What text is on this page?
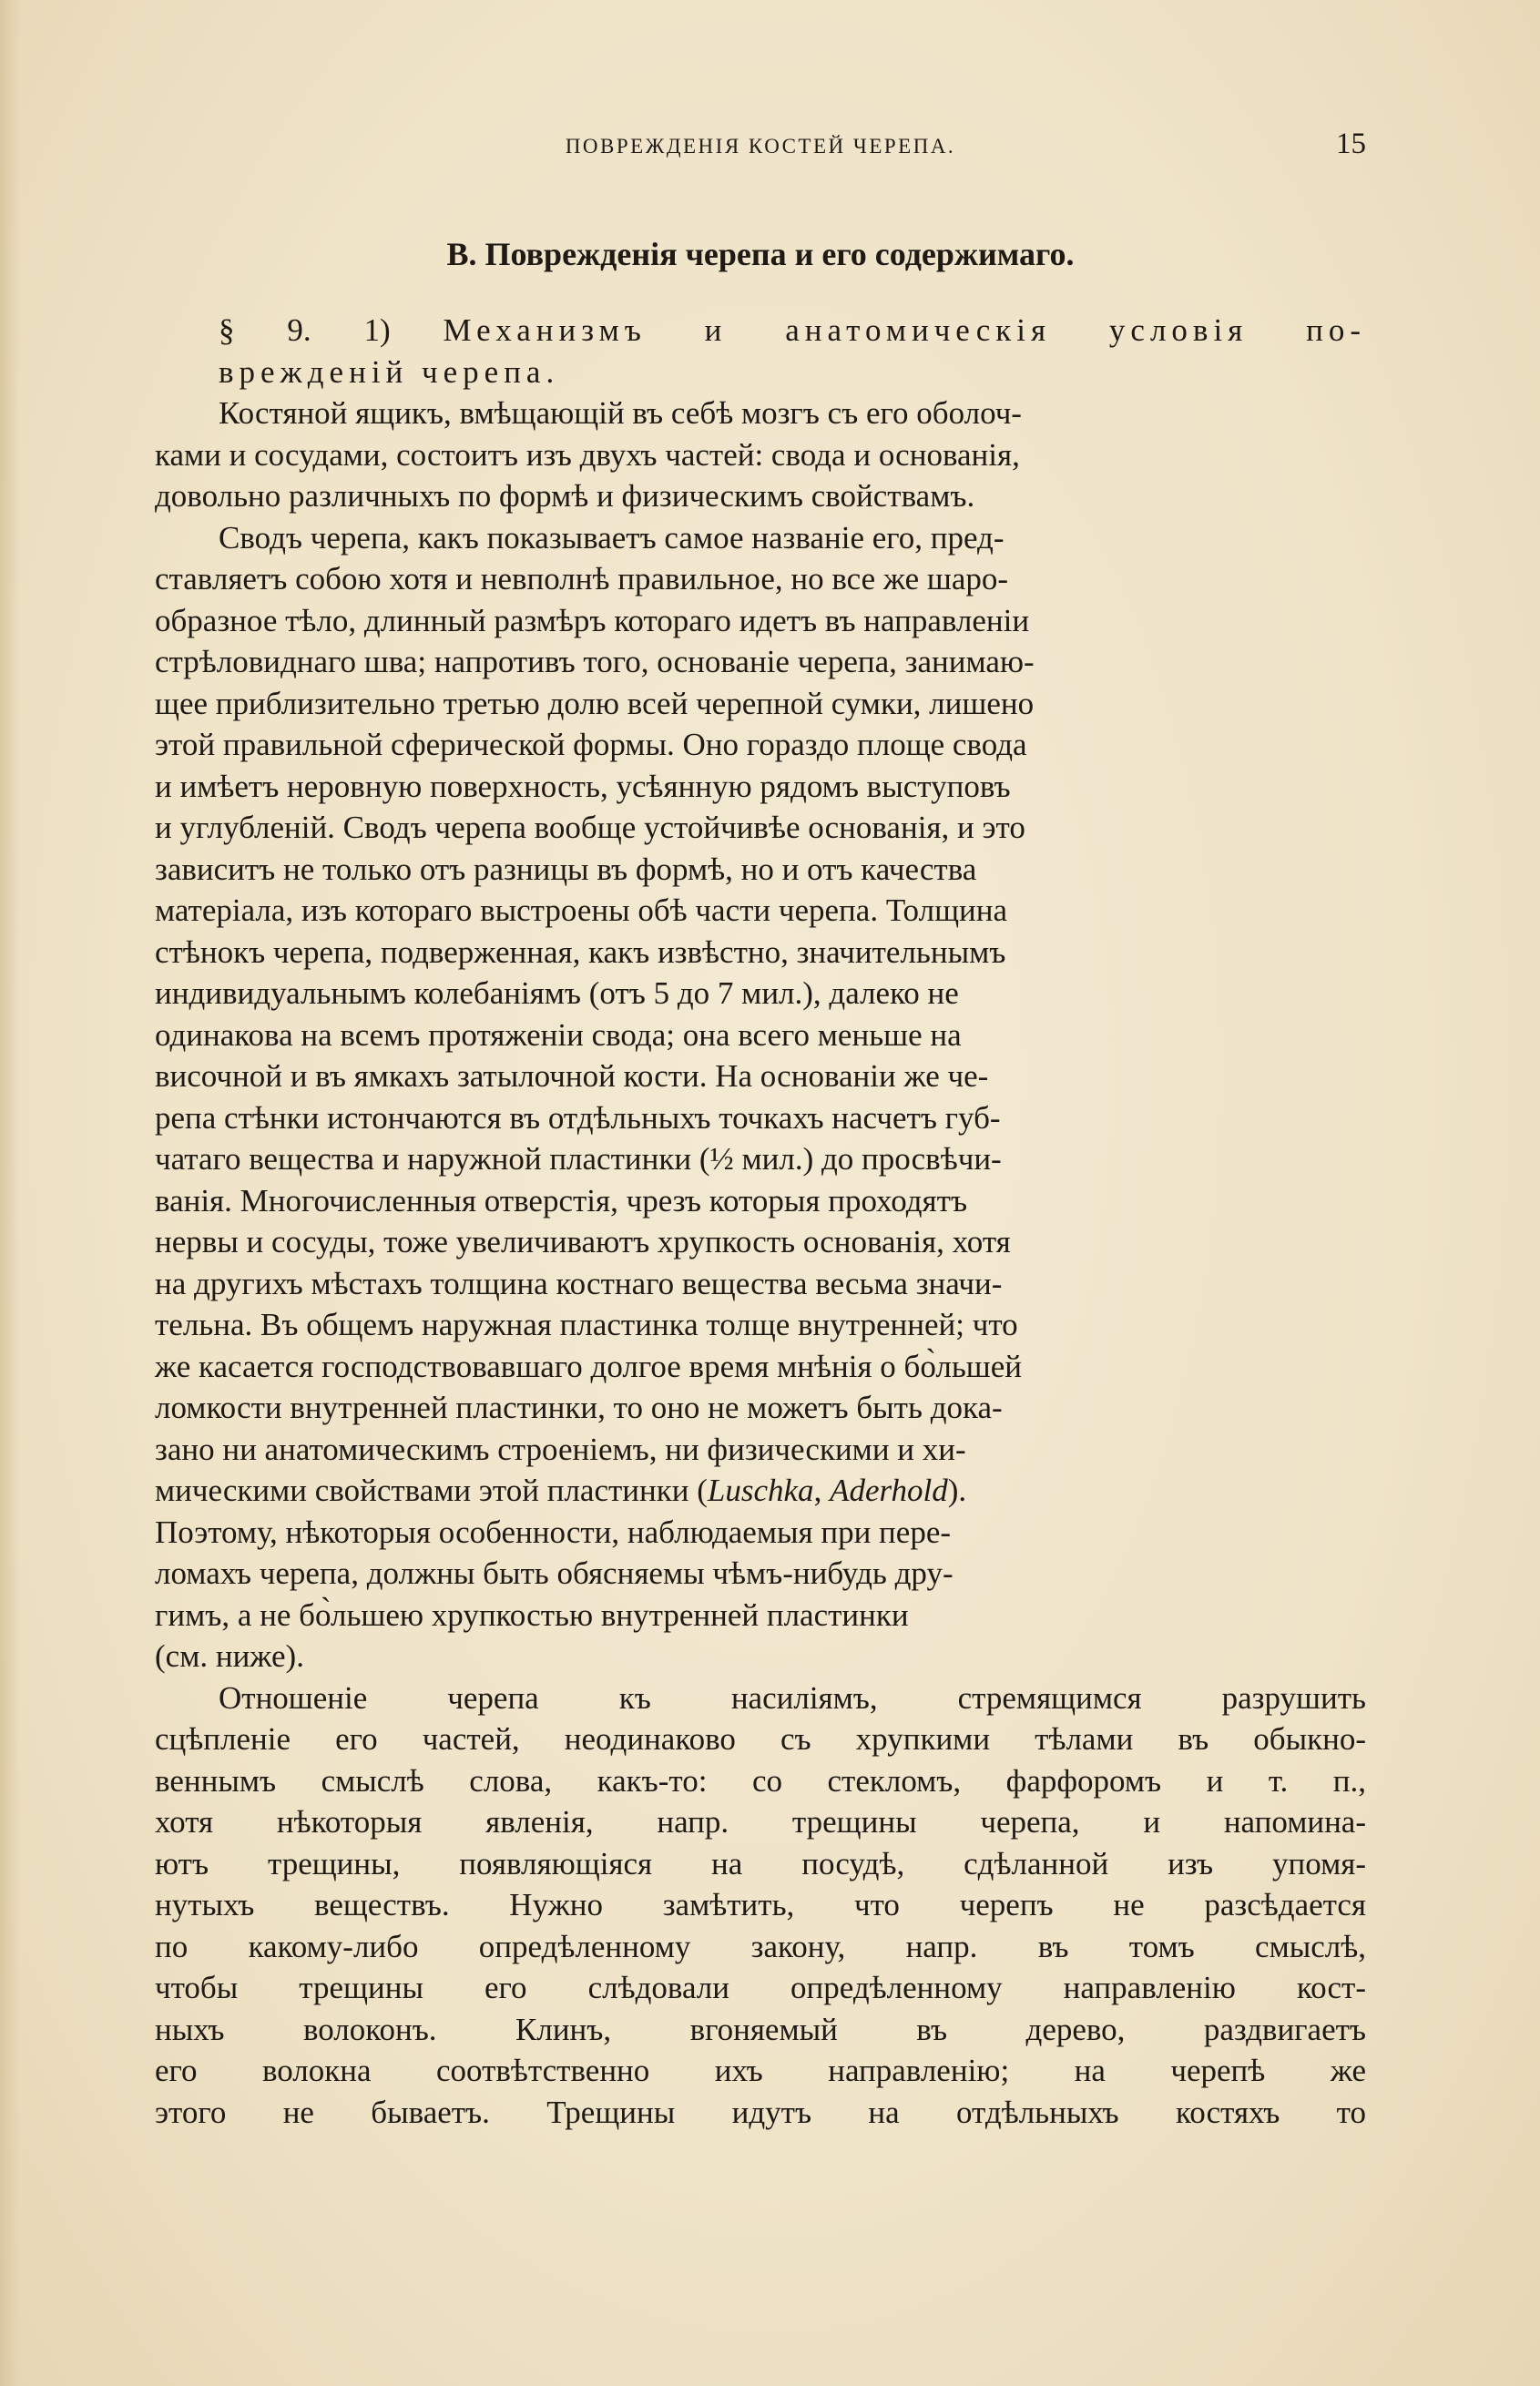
ПОВРЕЖДЕНІЯ КОСТЕЙ ЧЕРЕПА.	15
В. Поврежденія черепа и его содержимаго.

§ 9. 1) Механизмъ и анатомическія условія по-
врежденій черепа.

Костяной ящикъ, вмѣщающій въ себѣ мозгъ съ его оболоч-
ками и сосудами, состоитъ изъ двухъ частей: свода и основанія,
довольно различныхъ по формѣ и физическимъ свойствамъ.

Сводъ черепа, какъ показываетъ самое названіе его, пред-
ставляетъ собою хотя и невполнѣ правильное, но все же шаро-
образное тѣло, длинный размѣръ котораго идетъ въ направленіи
стрѣловиднаго шва; напротивъ того, основаніе черепа, занимаю-
щее приблизительно третью долю всей черепной сумки, лишено
этой правильной сферической формы. Оно гораздо площе свода
и имѣетъ неровную поверхность, усѣянную рядомъ выступовъ
и углубленій. Сводъ черепа вообще устойчивѣе основанія, и это
зависитъ не только отъ разницы въ формѣ, но и отъ качества
матеріала, изъ котораго выстроены обѣ части черепа. Толщина
стѣнокъ черепа, подверженная, какъ извѣстно, значительнымъ
индивидуальнымъ колебаніямъ (отъ 5 до 7 мил.), далеко не
одинакова на всемъ протяженіи свода; она всего меньше на
височной и въ ямкахъ затылочной кости. На основаніи же че-
репа стѣнки истончаются въ отдѣльныхъ точкахъ насчетъ губ-
чатаго вещества и наружной пластинки (½ мил.) до просвѣчи-
ванія. Многочисленныя отверстія, чрезъ которыя проходятъ
нервы и сосуды, тоже увеличиваютъ хрупкость основанія, хотя
на другихъ мѣстахъ толщина костнаго вещества весьма значи-
тельна. Въ общемъ наружная пластинка толще внутренней; что
же касается господствовавшаго долгое время мнѣнія о бо̀льшей
ломкости внутренней пластинки, то оно не можетъ быть дока-
зано ни анатомическимъ строеніемъ, ни физическими и хи-
мическими свойствами этой пластинки (Luschka, Aderhold).
Поэтому, нѣкоторыя особенности, наблюдаемыя при пере-
ломахъ черепа, должны быть обясняемы чѣмъ-нибудь дру-
гимъ, а не бо̀льшею хрупкостью внутренней пластинки
(см. ниже).

Отношеніе черепа къ насиліямъ, стремящимся разрушить
сцѣпленіе его частей, неодинаково съ хрупкими тѣлами въ обыкно-
веннымъ смыслѣ слова, какъ-то: со стекломъ, фарфоромъ и т. п.,
хотя нѣкоторыя явленія, напр. трещины черепа, и напомина-
ютъ трещины, появляющіяся на посудѣ, сдѣланной изъ упомя-
нутыхъ веществъ. Нужно замѣтить, что черепъ не разсѣдается
по какому-либо опредѣленному закону, напр. въ томъ смыслѣ,
чтобы трещины его слѣдовали опредѣленному направленію кост-
ныхъ волоконъ. Клинъ, вгоняемый въ дерево, раздвигаетъ
его волокна соотвѣтственно ихъ направленію; на черепѣ же
этого не бываетъ. Трещины идутъ на отдѣльныхъ костяхъ то
